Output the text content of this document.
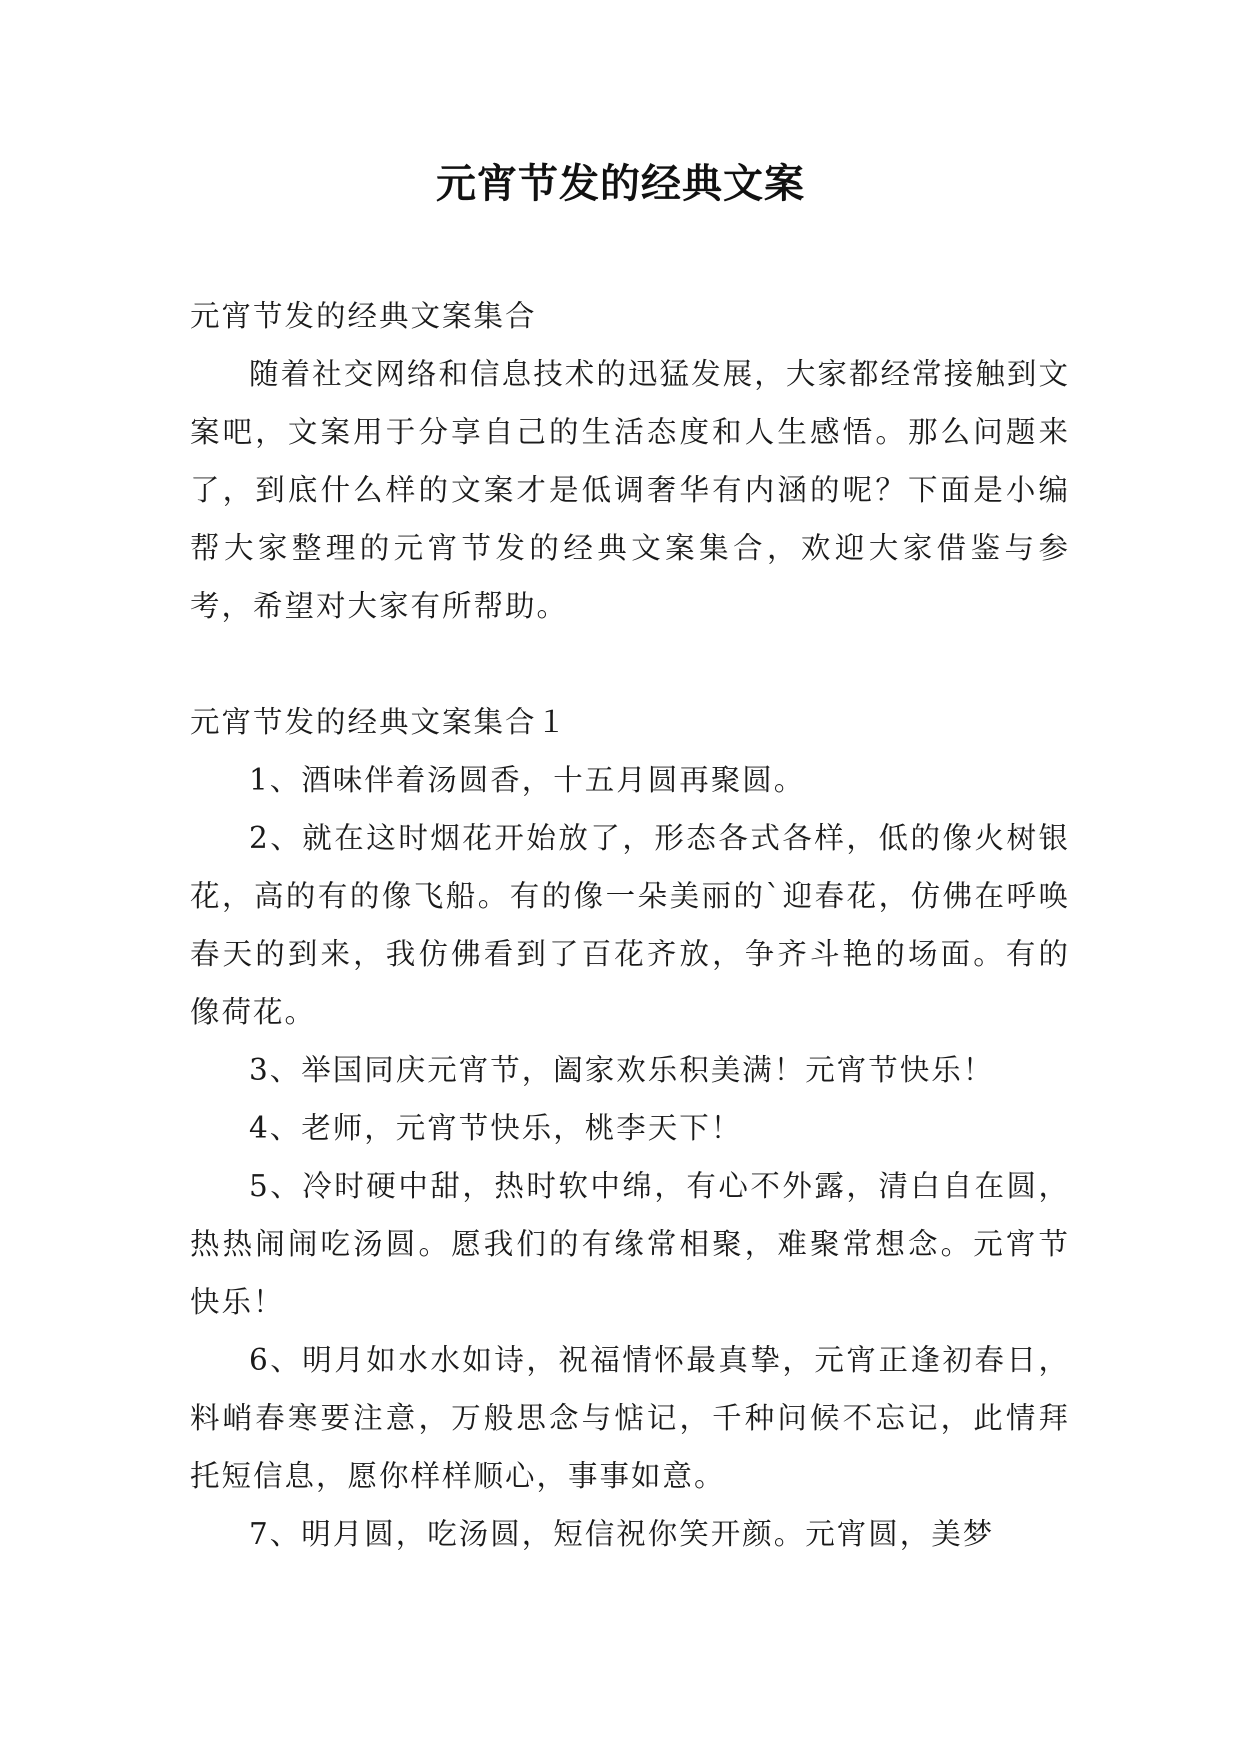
元宵节发的经典文案

元宵节发的经典文案集合

随着社交网络和信息技术的迅猛发展，大家都经常接触到文案吧，文案用于分享自己的生活态度和人生感悟。那么问题来了，到底什么样的文案才是低调奢华有内涵的呢？下面是小编帮大家整理的元宵节发的经典文案集合，欢迎大家借鉴与参考，希望对大家有所帮助。

元宵节发的经典文案集合１

1、酒味伴着汤圆香，十五月圆再聚圆。

2、就在这时烟花开始放了，形态各式各样，低的像火树银花，高的有的像飞船。有的像一朵美丽的`迎春花，仿佛在呼唤春天的到来，我仿佛看到了百花齐放，争齐斗艳的场面。有的像荷花。

3、举国同庆元宵节，阖家欢乐积美满！元宵节快乐！

4、老师，元宵节快乐，桃李天下！

5、冷时硬中甜，热时软中绵，有心不外露，清白自在圆，热热闹闹吃汤圆。愿我们的有缘常相聚，难聚常想念。元宵节快乐！

6、明月如水水如诗，祝福情怀最真挚，元宵正逢初春日，料峭春寒要注意，万般思念与惦记，千种问候不忘记，此情拜托短信息，愿你样样顺心，事事如意。

7、明月圆，吃汤圆，短信祝你笑开颜。元宵圆，美梦
